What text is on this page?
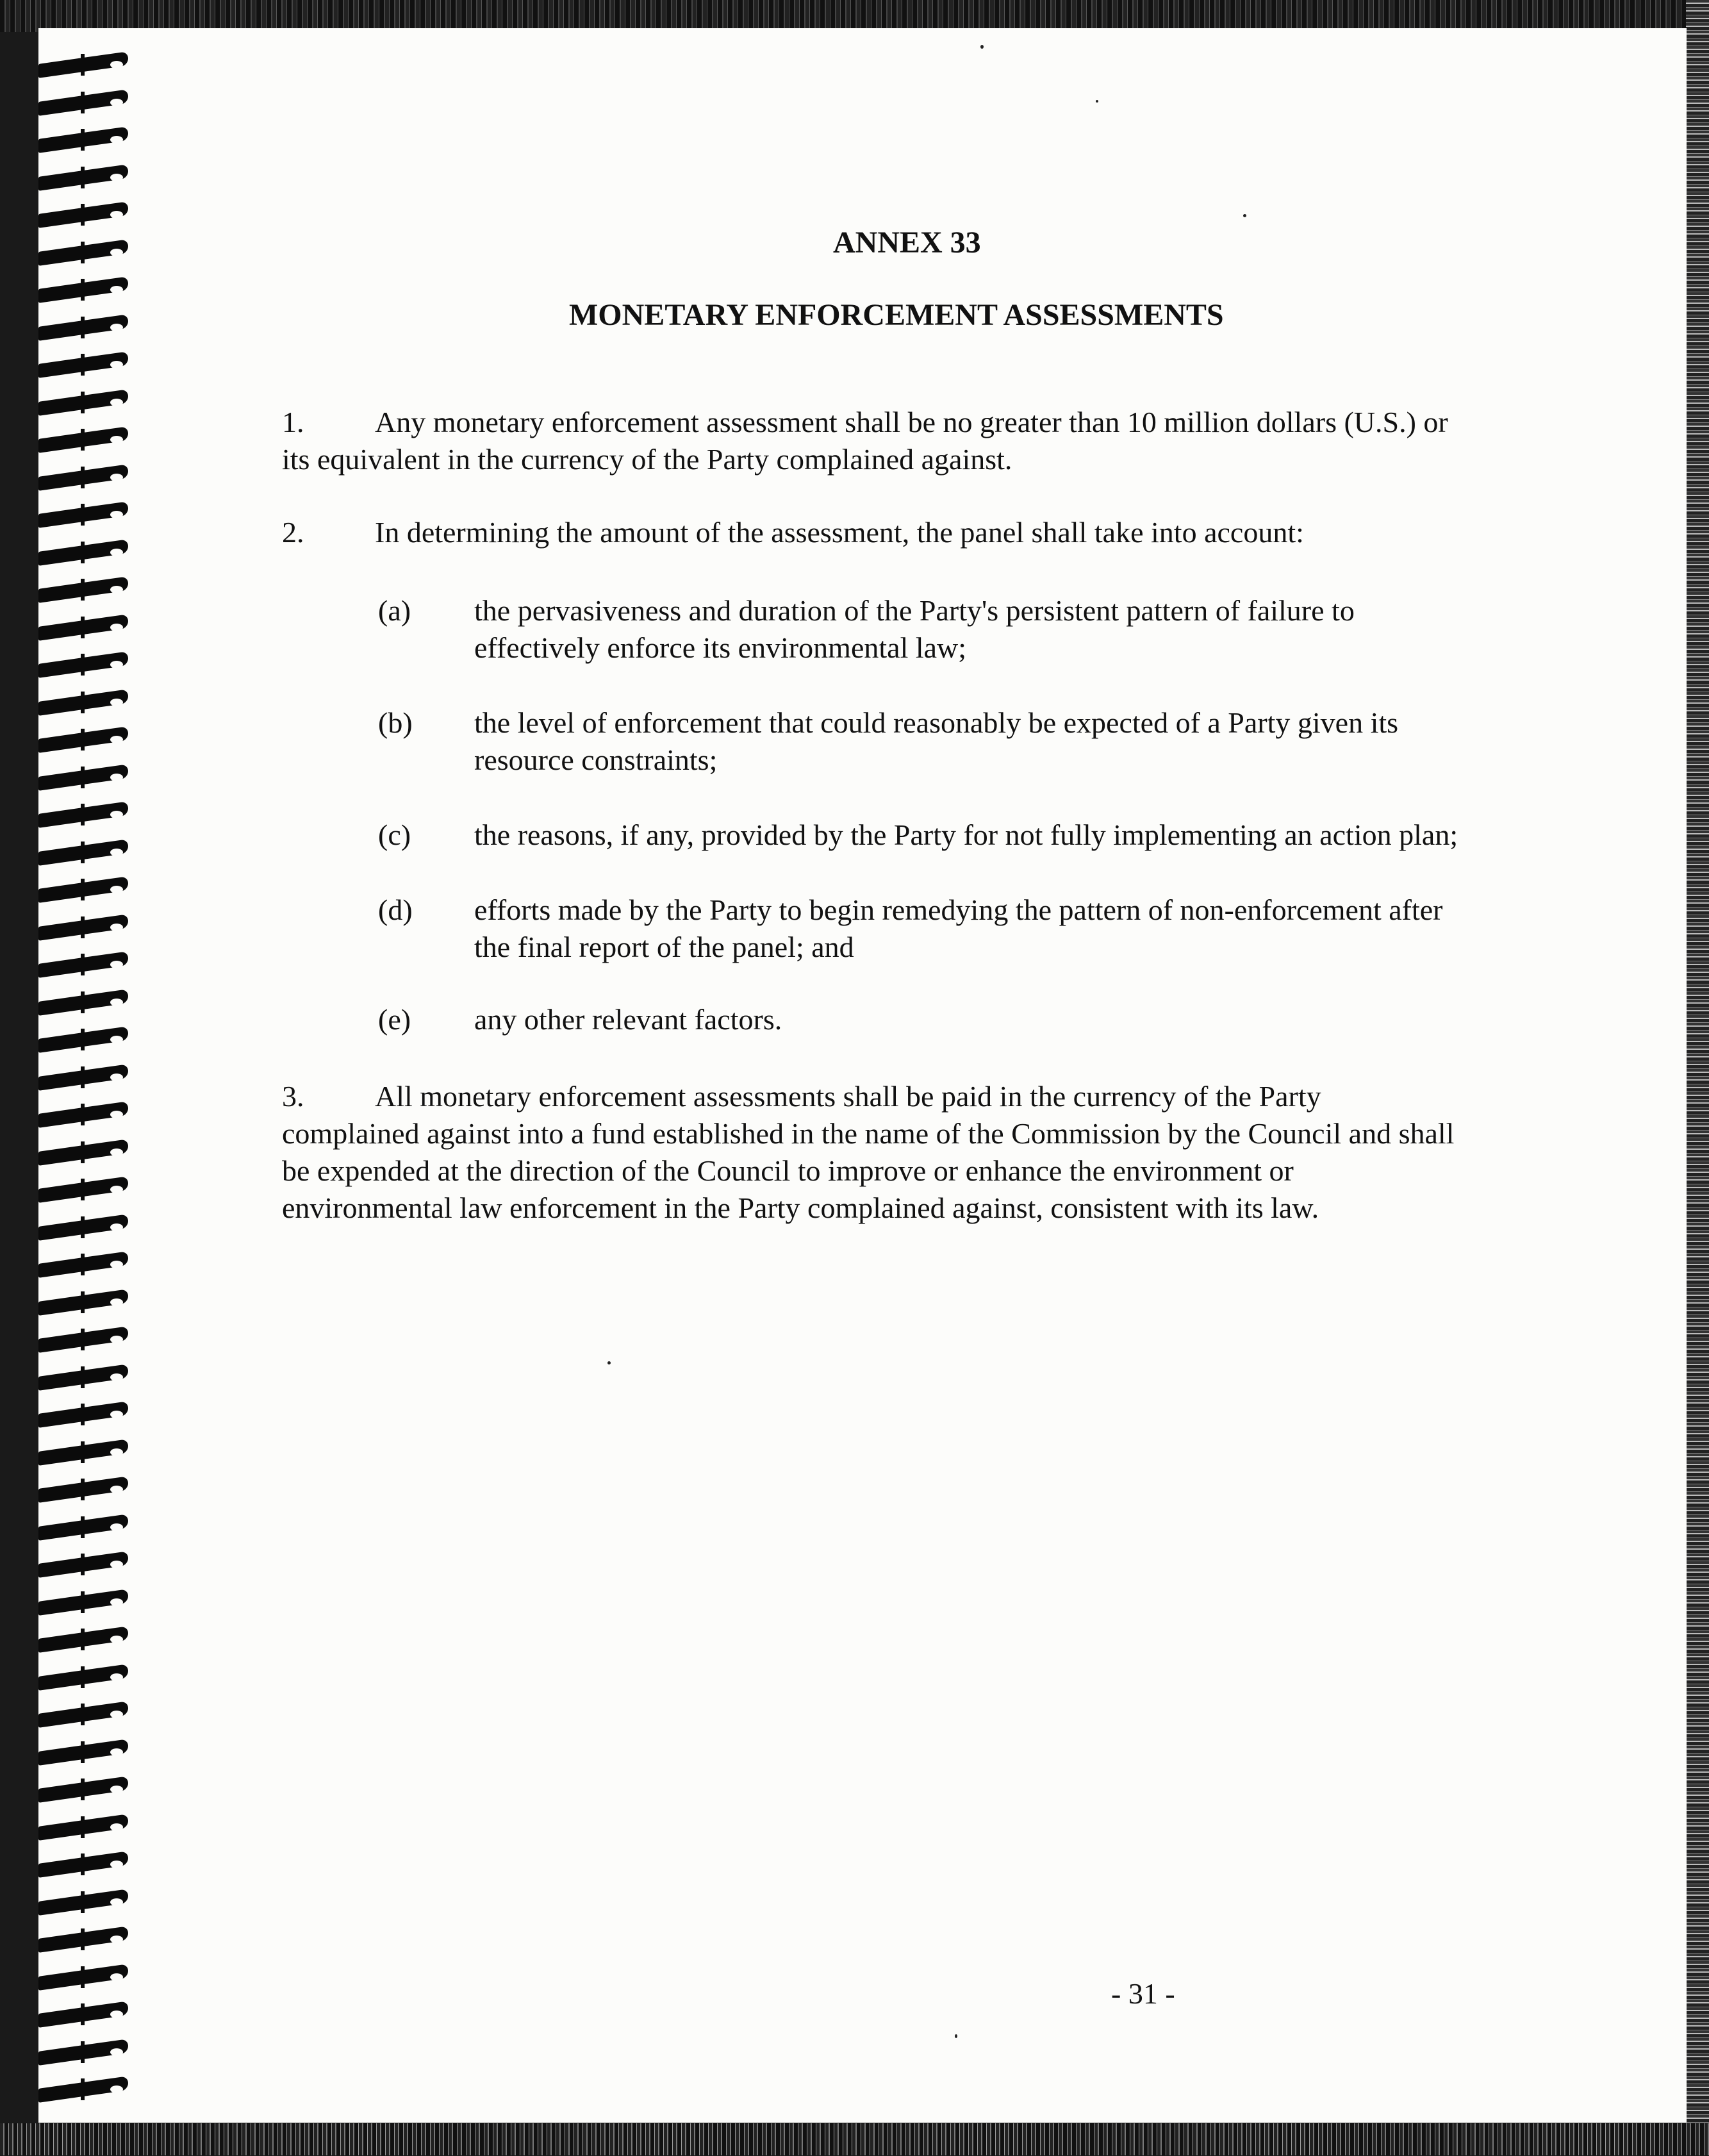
ANNEX 33
MONETARY ENFORCEMENT ASSESSMENTS
1. Any monetary enforcement assessment shall be no greater than 10 million dollars (U.S.) or
its equivalent in the currency of the Party complained against.
2. In determining the amount of the assessment, the panel shall take into account:
(a) the pervasiveness and duration of the Party's persistent pattern of failure to
effectively enforce its environmental law;
(b) the level of enforcement that could reasonably be expected of a Party given its
resource constraints;
(c) the reasons, if any, provided by the Party for not fully implementing an action plan;
(d) efforts made by the Party to begin remedying the pattern of non-enforcement after
the final report of the panel; and
(e) any other relevant factors.
3. All monetary enforcement assessments shall be paid in the currency of the Party
complained against into a fund established in the name of the Commission by the Council and shall
be expended at the direction of the Council to improve or enhance the environment or
environmental law enforcement in the Party complained against, consistent with its law.
- 31 -
